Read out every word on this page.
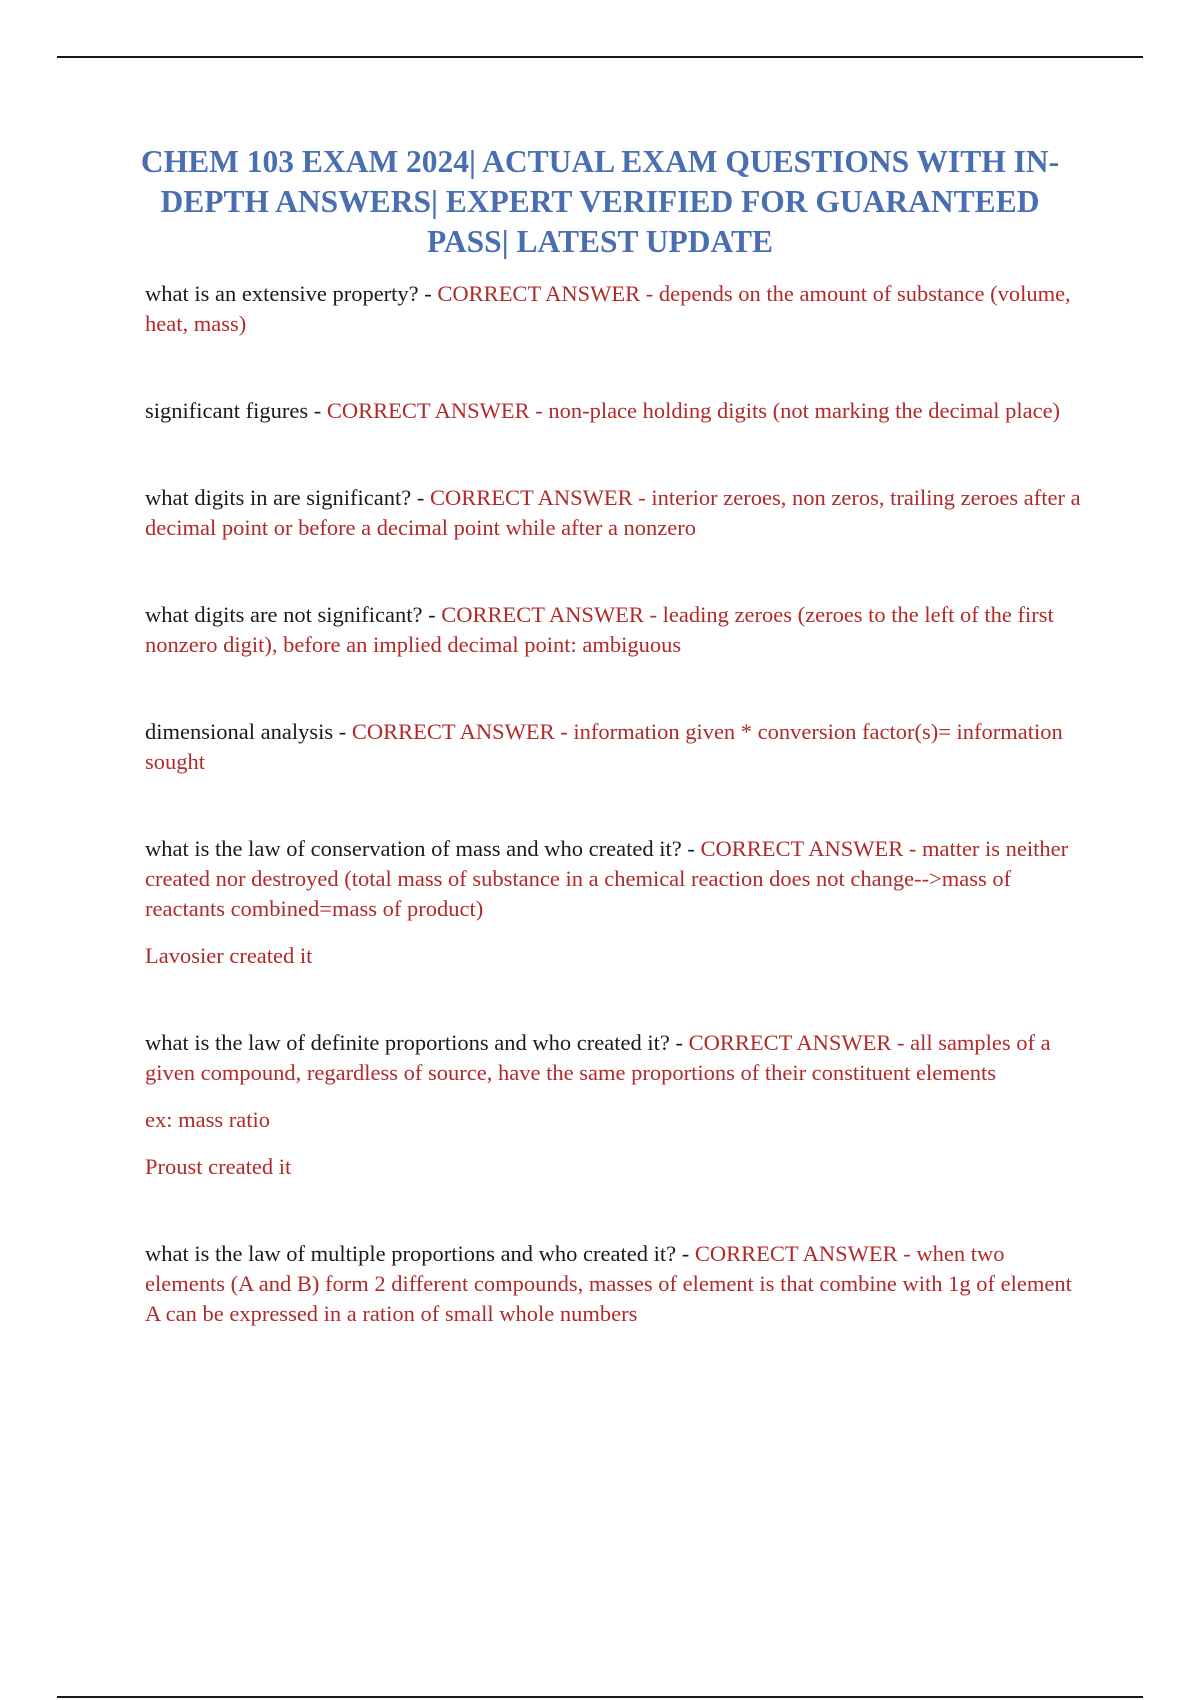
CHEM 103 EXAM 2024| ACTUAL EXAM QUESTIONS WITH IN-DEPTH ANSWERS| EXPERT VERIFIED FOR GUARANTEED PASS| LATEST UPDATE

what is an extensive property? - CORRECT ANSWER - depends on the amount of substance (volume, heat, mass)

significant figures - CORRECT ANSWER - non-place holding digits (not marking the decimal place)

what digits in are significant? - CORRECT ANSWER - interior zeroes, non zeros, trailing zeroes after a decimal point or before a decimal point while after a nonzero

what digits are not significant? - CORRECT ANSWER - leading zeroes (zeroes to the left of the first nonzero digit), before an implied decimal point: ambiguous

dimensional analysis - CORRECT ANSWER - information given * conversion factor(s)= information sought

what is the law of conservation of mass and who created it? - CORRECT ANSWER - matter is neither created nor destroyed (total mass of substance in a chemical reaction does not change-->mass of reactants combined=mass of product)

Lavosier created it

what is the law of definite proportions and who created it? - CORRECT ANSWER - all samples of a given compound, regardless of source, have the same proportions of their constituent elements

ex: mass ratio

Proust created it

what is the law of multiple proportions and who created it? - CORRECT ANSWER - when two elements (A and B) form 2 different compounds, masses of element is that combine with 1g of element A can be expressed in a ration of small whole numbers
